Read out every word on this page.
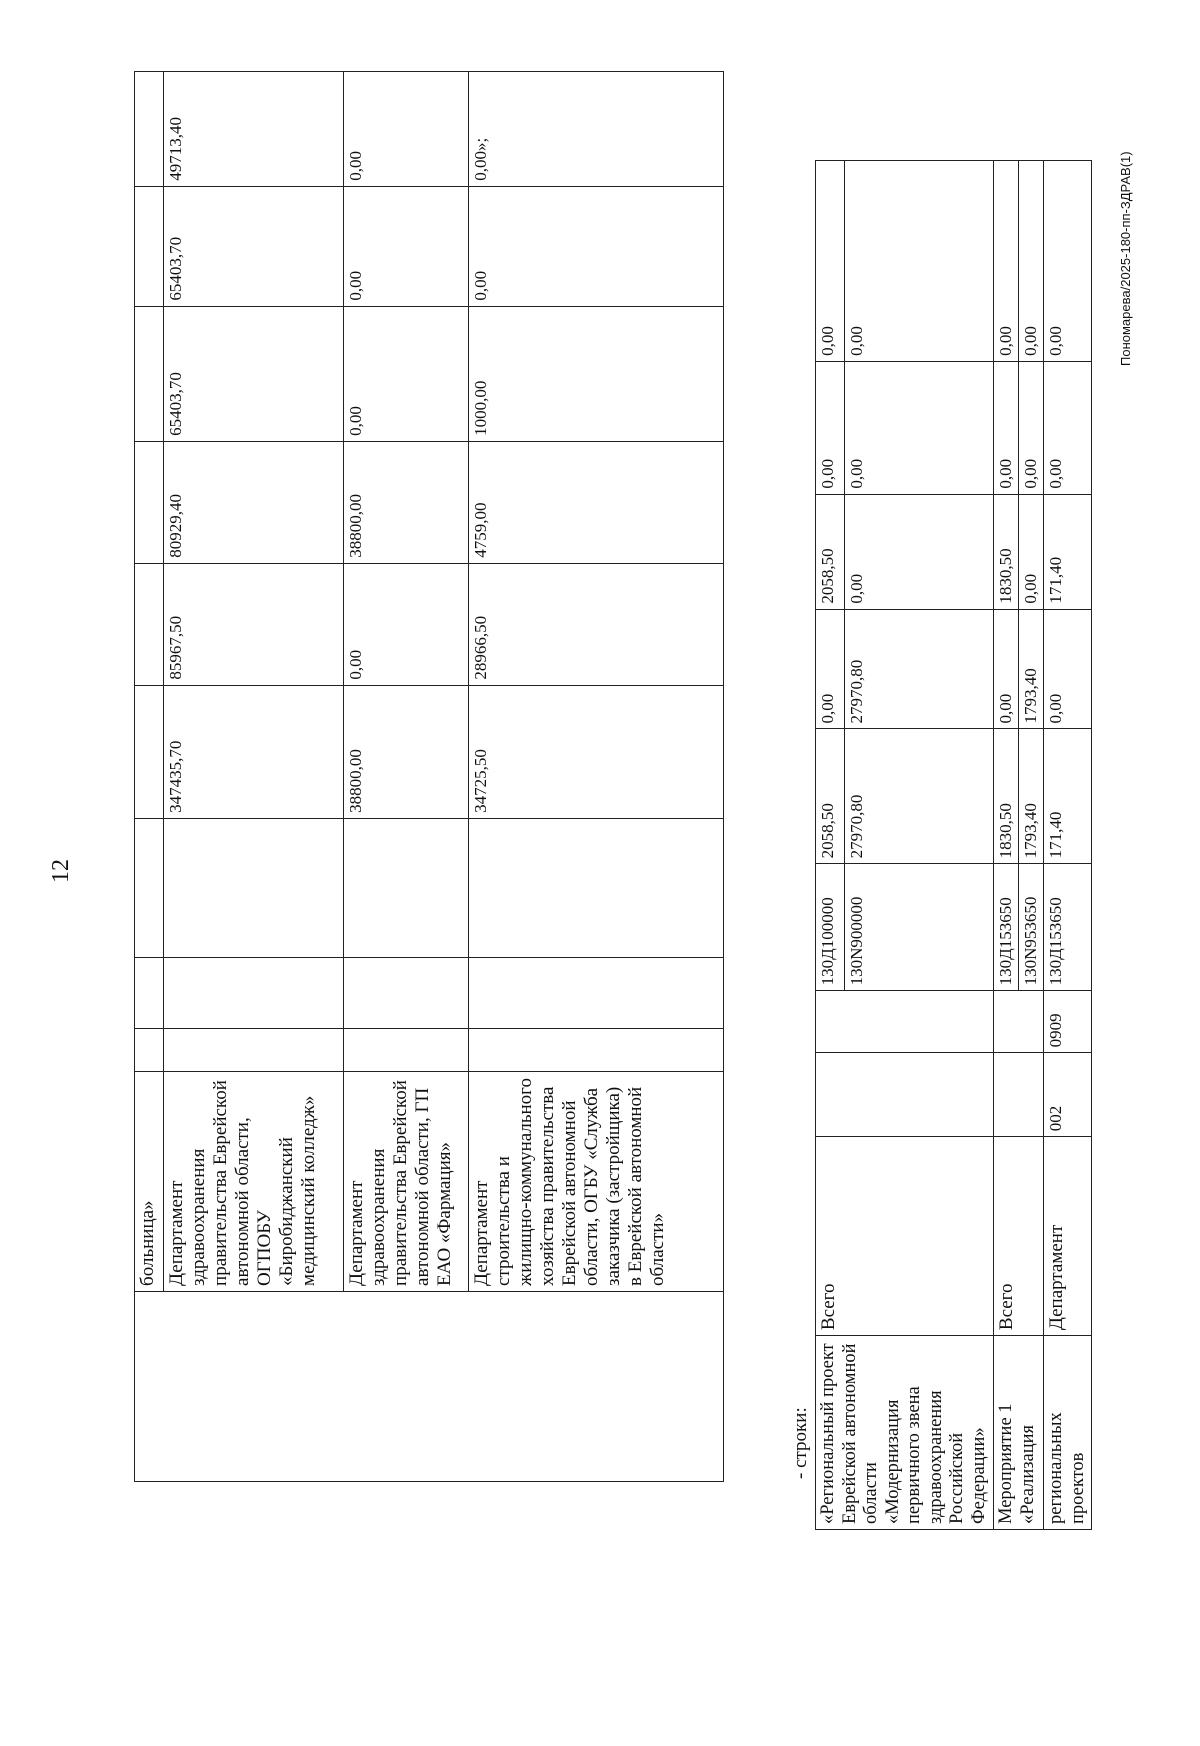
12
	больница»									
	Департамент здравоохранения правительства Еврейской автономной области, ОГПОБУ «Биробиджанский медицинский колледж»				347435,70	85967,50	80929,40	65403,70	65403,70	49713,40
	Департамент здравоохранения правительства Еврейской автономной области, ГП ЕАО «Фармация»				38800,00	0,00	38800,00	0,00	0,00	0,00
	Департамент строительства и жилищно-коммунального хозяйства правительства Еврейской автономной области, ОГБУ «Служба заказчика (застройщика) в Еврейской автономной области»				34725,50	28966,50	4759,00	1000,00	0,00	0,00»;
- строки: «Региональный проект Еврейской автономной области «Модернизация первичного звена здравоохранения Российской Федерации»	Всего			130Д100000	2058,50	0,00	2058,50	0,00	0,00
				130N900000	27970,80	27970,80	0,00	0,00	0,00
Мероприятие 1 «Реализация	Всего			130Д153650	1830,50	0,00	1830,50	0,00	0,00
				130N953650	1793,40	1793,40	0,00	0,00	0,00
региональных проектов	Департамент	002	0909	130Д153650	171,40	0,00	171,40	0,00	0,00	Пономарева/2025-180-пп-ЗДРАВ(1)
